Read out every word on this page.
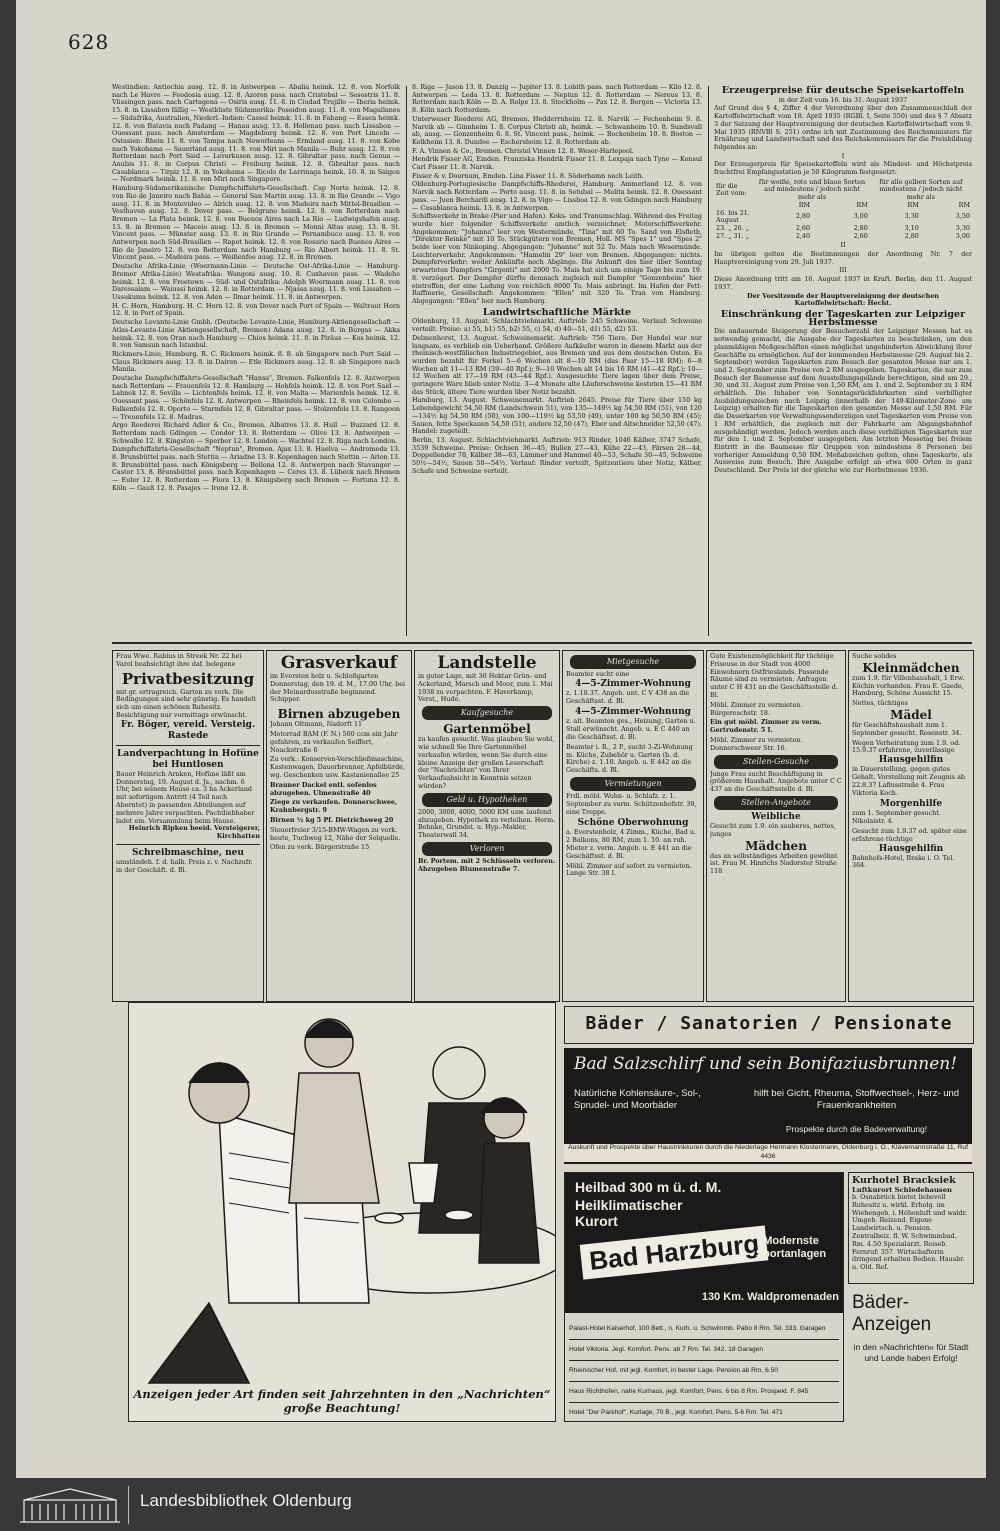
628

Westindien: Antiochia ausg. 12. 8. in Antwerpen — Abalia heimk. 12. 8. von Norfolk nach Le Havre — Feodosia ausg. 12. 8. Azoren pass. nach Cristobal — Sesostris 11. 8. Vlissingen pass. nach Cartagena — Osiris ausg. 11. 8. in Ciudad Trujillo — Iberia heimk. 15. 8. in Lissabon fällig — Westküste Südamerika: Poseidon ausg. 11. 8. von Magallanes — Südafrika, Australien, Niederl.-Indien: Cassel heimk. 11. 8. in Fabang — Essen heimk. 12. 8. von Batavia nach Padang — Hanau ausg. 13. 8. Hollenau pass. nach Lissabon — Ouessant pass. nach Amsterdam — Magdeburg heimk. 12. 8. von Port Lincoln — Ostasien: Rhein 11. 8. von Tampa nach Neworleans — Ermland ausg. 11. 8. von Kobe nach Yokohama — Sauerland ausg. 11. 8. von Miri nach Manila — Ruhr ausg. 12. 8. von Rotterdam nach Port Said — Leverkusen ausg. 12. 8. Gibraltar pass. nach Genua — Anubis 11. 8. in Corpus Christi — Freiburg heimk. 12. 8. Gibraltar pass. nach Casablanca — Tirpiz 12. 8. in Yokohama — Ricolo de Larrinaga heimk. 10. 8. in Saigon — Nordmark heimk. 11. 8. von Miri nach Singapore.

Hamburg-Südamerikanische Dampfschiffahrts-Gesellschaft. Cap Norte heimk. 12. 8. von Rio de Janeiro nach Bahia — General San Martin ausg. 13. 8. in Rio Grande — Vigo ausg. 11. 8. in Montevideo — Alrich ausg. 12. 8. von Madeira nach Mittel-Brasilien — Vesthaven ausg. 12. 8. Dover pass. — Belgrano heimk. 12. 8. von Rotterdam nach Bremen — La Plata heimk. 12. 8. von Buenos Aires nach La Rio — Ludwigshafen ausg. 13. 8. in Bremen — Maceio ausg. 13. 8. in Bremen — Monni Altas ausg. 13. 8. St. Vincent pass. — Münster ausg. 13. 8. in Rio Grande — Pernambuco ausg. 13. 8. von Antwerpen nach Süd-Brasilien — Rapot heimk. 12. 8. von Rosario nach Buenos Aires — Rio de Janeiro 12. 8. von Rotterdam nach Hamburg — Rio Albert heimk. 11. 8. St. Vincent pass. — Madeira pass. — Weißenfee ausg. 12. 8. in Bremen.

Deutsche Afrika-Linie (Woermann-Linie — Deutsche Ost-Afrika-Linie — Hamburg-Bremer Afrika-Linie) Westafrika: Wangoni ausg. 10. 8. Cuxhaven pass. — Wadehe heimk. 12. 8. von Freetown — Süd- und Ostafrika: Adolph Woermann ausg. 11. 8. von Daressalam — Waiussi heimk. 12. 8. in Rotterdam — Njassa ausg. 11. 8. von Lissabon — Ussukuma heimk. 12. 8. von Aden — Ilmar heimk. 11. 8. in Antwerpen.

H. C. Horn, Hamburg. H. C. Horn 12. 8. von Dover nach Port of Spain — Waltraut Horn 12. 8. in Port of Spain.

Deutsche Levante-Linie Gmbh. (Deutsche Levante-Linie, Hamburg-Aktiengesellschaft — Atlas-Levante-Linie Aktiengesellschaft, Bremen) Adana ausg. 12. 8. in Burgas — Akka heimk. 12. 8. von Oran nach Hamburg — Chios heimk. 11. 8. in Piräus — Kos heimk. 12. 8. von Samsun nach Istanbul.

Rickmers-Linie, Hamburg. R. C. Rickmers heimk. 8. 8. ab Singapore nach Port Said — Claus Rickmers ausg. 13. 8. in Dairen — Etle Rickmers ausg. 12. 8. ab Singapore nach Manila.

Deutsche Dampfschiffahrts-Gesellschaft "Hansa", Bremen. Falkenfels 12. 8. Antwerpen nach Rotterdam — Frauenfels 12. 8. Hamburg — Hohfels heimk. 12. 8. von Port Said — Lahnek 12. 8. Sevilla — Lichtenfels heimk. 12. 8. von Malta — Marienfels heimk. 12. 8. Ouessant pass. — Schönfels 12. 8. Antwerpen — Rheinfels heimk. 12. 8. von Colombo — Falkenfels 12. 8. Oporto — Sturmfels 12. 8. Gibraltar pass. — Stolzenfels 13. 8. Rangoon — Treuenfels 12. 8. Madras.

Argo Reederei Richard Adler & Co., Bremen. Albatros 13. 8. Hull — Buzzard 12. 8. Rotterdam nach Gdingen — Condor 13. 8. Rotterdam — Olive 13. 8. Antwerpen — Schwalbe 12. 8. Kingston — Sperber 12. 8. London — Wachtel 12. 8. Riga nach London.

Dampfschiffahrts-Gesellschaft "Neptun", Bremen. Ajax 13. 8. Huelva — Andromeda 13. 8. Brunsbüttel pass. nach Stettin — Ariadne 13. 8. Kopenhagen nach Stettin — Arion 13. 8. Brunsbüttel pass. nach Königsberg — Bellona 12. 8. Antwerpen nach Stavanger — Castor 13. 8. Brunsbüttel pass. nach Kopenhagen — Ceres 13. 8. Lübeck nach Bremen — Euler 12. 8. Rotterdam — Flora 13. 8. Königsberg nach Bremen — Fortuna 12. 8. Köln — Gauß 12. 8. Pasajes — Irene 12. 8.

8. Riga — Jason 13. 8. Danzig — Jupiter 13. 8. Lobith pass. nach Rotterdam — Kilo 12. 8. Antwerpen — Leda 13. 8. Rotterdam — Neptun 12. 8. Rotterdam — Nereus 13. 8. Rotterdam nach Köln — D. A. Rolpe 13. 8. Stockholm — Pax 12. 8. Bergen — Victoria 13. 8. Köln nach Rotterdam.

Unterweser Reederei AG, Bremen. Hedderrnheim 12. 8. Narvik — Fechenheim 9. 8. Narvik ab — Ginnheim 1. 8. Corpus Christi ab, heimk. — Schwanheim 10. 8. Sundsvall ab, ausg. — Gonzenheim 6. 8. St. Vincent pass., heimk. — Bockenheim 10. 8. Boston — Kelkheim 13. 8. Dundee — Eschersheim 12. 8. Rotterdam ab.

F. A. Vinnen & Co., Bremen. Christel Vinnen 12. 8. Weser-Harlepool.

Hendrik Fisser AG, Emden. Franziska Hendrik Fisser 11. 8. Lexpaja nach Tyne — Konsul Carl Fisser 11. 8. Narvik.

Fisser & v. Doornum, Emden. Lina Fisser 11. 8. Söderhamn nach Leith.

Oldenburg-Portugiesische Dampfschiffs-Rhederei, Hamburg. Ammerland 12. 8. von Narvik nach Rotterdam — Porto ausg. 11. 8. in Setubal — Melita heimk. 12. 8. Ouessant pass. — Juen Berchardi ausg. 12. 8. in Vigo — Lissboa 12. 8. von Gdingen nach Hamburg — Casablanca heimk. 13. 8. in Antwerpen.

Schiffsverkehr in Brake (Pier und Hafen). Koks- und Tranumschlag. Während des Freitag wurde hier folgender Schiffsverkehr amtlich verzeichnet: Motorschiffsverkehr. Angekommen: "Johanna" leer von Westermünde, "Tina" mit 60 To. Sand von Elsfleth, "Direktor Reinke" mit 10 To. Stückgütern von Bremen, Holl. MS "Spes 1" und "Spes 2" beide leer von Ninkoping. Abgegangen: "Johanne" mit 52 To. Mais nach Wesermünde. Leichterverkehr. Angekommen: "Hamelin 29" leer von Bremen. Abgegangen: nichts. Dampferverkehr: weder Ankünfte noch Abgänge. Die Ankunft des hier über Sonntag erwarteten Dampfers "Girgenti" mit 2000 To. Mais hat sich um einige Tage bis zum 19. 8. verzögert. Der Dampfer dürfte demnach zugleich mit Dampfer "Gonzenheim" hier eintreffen, der eine Ladung von reichlich 8000 To. Mais anbringt. Im Hafen der Fett-Raffinerie, Gesellschaft: Angekommen: "Ellen" mit 320 To. Tran von Hamburg. Abgegangen: "Ellen" leer nach Hamburg.

Landwirtschaftliche Märkte

Oldenburg, 13. August. Schlachtviehmarkt. Auftrieb: 245 Schweine. Verlauf: Schweine verteilt. Preise: a) 55, b1) 55, b2) 55, c) 54, d) 40—51, d1) 55, d2) 53.

Delmenhorst, 13. August. Schweinemarkt. Auftrieb: 756 Tiere. Der Handel war nur langsam, es verblieb ein Ueberhand. Größere Aufkäufer waren in diesem Markt aus der rheinisch-westfälischen Industriegebiet, aus Bremen und aus dem deutschen Osten. Es wurden bezahlt für Ferkel 5—6 Wochen alt 8—10 RM (das Paar 15—18 RM); 6—8 Wochen alt 11—13 RM (39—40 Rpf.); 9—10 Wochen alt 14 bis 16 RM (41—42 Rpf.); 10—12 Wochen alt 17—19 RM (43—44 Rpf.). Ausgesuchte Tiere lagen über dem Preise, geringere Ware blieb unter Notiz. 3—4 Monate alte Läuferschweine kosteten 15—41 RM das Stück, ältere Tiere wurden über Notiz bezahlt.

Hamburg, 13. August. Schweinemarkt. Auftrieb 2645. Preise für Tiere über 150 kg Lebendgewicht 54,50 RM (Landschwein 51), von 135—149½ kg 54,50 RM (51), von 120—134½ kg 54,50 RM (50), von 100—119½ kg 53,50 (49), unter 100 kg 50,50 RM (45); Sauen, fette Speckauen 54,50 (51), andere 52,50 (47), Eber und Altschneider 52,50 (47). Handel: zugeteilt.

Berlin, 13. August. Schlachtviehmarkt. Auftrieb: 913 Rinder, 1046 Kälber, 3747 Schafe, 3539 Schweine. Preise: Ochsen 36—45, Bullen 27—43, Kühe 22—43, Färsen 28—44, Doppellender 78, Kälber 38—63, Lämmer und Hammel 40—53, Schafe 30—45, Schweine 50½—54½, Sauen 50—54½. Verlauf: Rinder verteilt, Spitzentiere über Notiz, Kälber, Schafe und Schweine verteilt.

Erzeugerpreise für deutsche Speisekartoffeln

in der Zeit vom 16. bis 31. August 1937

Auf Grund des § 4, Ziffer 4 der Verordnung über den Zusammenschluß der Kartoffelwirtschaft vom 18. April 1935 (RGBl. I, Seite 550) und des § 7 Absatz 3 der Satzung der Hauptvereinigung der deutschen Kartoffelwirtschaft vom 9. Mai 1935 (RNVBl S. 251) ordne ich mit Zustimmung des Reichsministers für Ernährung und Landwirtschaft und des Reichskommissars für die Preisbildung folgendes an:

I

Der Erzeugerpreis für Speisekartoffeln wird als Mindest- und Höchstpreis frachtfrei Empfangsstation je 50 Kilogramm festgesetzt:

für die Zeit vom:	für weiße, rote und blaue Sorten auf mindestens / jedoch nicht mehr als		für alle gelben Sorten auf mindestens / jedoch nicht mehr als	
	RM	RM	RM	RM
16. bis 21. August	2,80	3,00	3,30	3,50
23. „ 26. „	2,60	2,80	3,10	3,30
27. „ 31. „	2,40	2,60	2,80	3,00

II

Im übrigen gelten die Bestimmungen der Anordnung Nr. 7 der Hauptvereinigung vom 29. Juli 1937.

III

Diese Anordnung tritt am 16. August 1937 in Kraft. Berlin, den 11. August 1937.

Der Vorsitzende der Hauptvereinigung der deutschen Kartoffelwirtschaft: Hecht.

Einschränkung der Tageskarten zur Leipziger Herbstmesse

Die andauernde Steigerung der Besucherzahl der Leipziger Messen hat es notwendig gemacht, die Ausgabe der Tageskarten zu beschränken, um den planmäßigen Meßgeschäften einen möglichst ungehinderten Abwicklung ihrer Geschäfte zu ermöglichen. Auf der kommenden Herbstmesse (29. August bis 2. September) werden Tageskarten zum Besuch der gesamten Messe nur am 1. und 2. September zum Preise von 2 RM ausgegeben. Tageskarten, die nur zum Besuch der Baumesse auf dem Ausstellungsgelände berechtigen, sind am 29., 30. und 31. August zum Preise von 1,50 RM, am 1. und 2. September zu 1 RM erhältlich. Die Inhaber von Sonntagsrückfahrkarten sind verbilligter Ausbildungszeichen nach Leipzig (innerhalb der 149-Kilometer-Zone um Leipzig) erhalten für die Tageskarten den gesamten Messe auf 1,50 RM. Für die Dauerkarten vor Verwaltungssonderzügen und Tageskarten vom Preise von 1 RM erhältlich, die zugleich mit der Fahrkarte am Abgangsbahnhof ausgehändigt werden. Jedoch werden auch diese verbilligten Tageskarten nur für den 1. und 2. September ausgegeben. Am letzten Messetag bei freiem Eintritt in die Baumesse für Gruppen von mindestens 8 Personen bei vorheriger Anmeldung 0,50 RM. Meßabzeichen gelten, ohne Tageskarte, als Ausweise zum Besuch. Ihre Ausgabe erfolgt an etwa 600 Orten in ganz Deutschland. Der Preis ist der gleiche wie zur Herbstmesse 1936.

Frau Wwe. Rabius in Streek Nr. 22 bei Varel beabsichtigt ihre daf. belegene
Privatbesitzung
mit gr. ertragreich. Garten zu verk. Die Bedingungen sind sehr günstig. Es handelt sich um einen schönen Ruhesitz. Besichtigung nur vormittags erwünscht.
Fr. Böger, vereid. Versteig. Rastede
Landverpachtung in Hofüne bei Huntlosen
Bauer Heinrich Arnken, Hofüne läßt am Donnerstag, 19. August d. Js., nachm. 6 Uhr, bei seinem Hause ca. 3 ha Ackerland mit sofortigem Antritt (4 Teil nach Aberntet) in passenden Abteilungen auf mehrere Jahre verpachten. Pachtliebhaber ladet ein. Versammlung beim Hause.
Heinrich Ripken beeid. Versteigerer, Kirchhatten
Schreibmaschine, neu
umständeh. f. d. halb. Preis z. v. Nachzufr. in der Geschäft. d. Bl.
Grasverkauf
im Eversten holz u. Schloßgarten Donnerstag, den 19. d. M., 17.00 Uhr, bei der Meinardusstraße beginnend. Schipper.
Birnen abzugeben
Johann Oltmann, Nadorft 11
Motorrad BAM (F. N.) 500 ccm ein Jahr gefahren, zu verkaufen Seiffert, Noackstraße 6
Zu verk.: Konserven-Verschließmaschine, Kastenwagen, Dauerbrenner, Apfelbürde, wg. Geschenken usw. Kastanienallee 25
Brauner Dackel entl. sofenlos abzugeben. Ulmenstraße 40
Ziege zu verkaufen. Donnerschwee, Krahnbergstr. 9
Birnen ½ kg 5 Pf. Dietrichsweg 20
Steuerfreier 3/15-BMW-Wagen zu verk. heute, Tuchweg 12, Nähe der Solquelle.
Ofen zu verk. Bürgerstraße 15
Landstelle
in guter Lage, mit 30 Hektar Grün- und Ackerland, Marsch und Moor, zum 1. Mai 1938 zu verpachten. F. Haverkamp, Verst., Hude.
Kaufgesuche
Gartenmöbel
zu kaufen gesucht. Was glauben Sie wohl, wie schnell Sie Ihre Gartenmöbel verkaufen würden, wenn Sie durch eine kleine Anzeige der großen Leserschaft der "Nachrichten" von Ihrer Verkaufsabsicht in Kenntnis setzen würden?
Geld u. Hypotheken
2000, 3000, 4000, 5000 RM usw. laufend abzugeben. Hypothek zu verleihen. Herm. Behnke, Grundst. u. Hyp.-Makler, Theaterwall 34.
Verloren
Br. Portem. mit 2 Schlüsseln verloren. Abzugeben Blumenstraße 7.
Mietgesuche
Beamter sucht eine
4—5-Zimmer-Wohnung
z. 1.10.37. Angeb. unt. C V 438 an die Geschäftsst. d. Bl.
4—5-Zimmer-Wohnung
z. alt. Beamten ges., Heizung, Garten u. Stall erwünscht. Angeb. u. E C 440 an die Geschäftsst. d. Bl.
Beamter i. R., 2 P., sucht 3-Zi-Wohnung m. Küche, Zubehör u. Garten (b. d. Kirche) z. 1.10. Angeb. u. E 442 an die Geschäfts. d. Bl.
Vermietungen
Frdl. möbl. Wohn- u. Schlafz. z. 1. September zu verm. Schützenhofstr. 39, eine Treppe.
Schöne Oberwohnung
a. Everstenholz, 4 Zimm., Küche, Bad u. 2 Balkons, 80 RM, zum 1. 10. an ruh. Mieter z. verm. Angeb. u. E 441 an die Geschäftsst. d. Bl.
Möbl. Zimmer auf sofort zu vermieten. Lange Str. 38 I.
Gute Existenzmöglichkeit für tüchtige Friseuse in der Stadt von 4000 Einwohnern Ostfrieslands. Passende Räume sind zu vermieten. Anfragen unter C H 431 an die Geschäftsstelle d. Bl.
Möbl. Zimmer zu vermieten. Bürgereschstr. 18.
Ein gut möbl. Zimmer zu verm. Gertrudenstr. 5 I.
Möbl. Zimmer zu vermieten. Donnerschweer Str. 16.
Stellen-Gesuche
Junge Frau sucht Beschäftigung in größerem Haushalt. Angebote unter C C 437 an die Geschäftsstelle d. Bl.
Stellen-Angebote
Weibliche
Gesucht zum 1.9. ein sauberes, nettes, junges
Mädchen
das an selbständiges Arbeiten gewöhnt ist. Frau M. Hinrichs Nadorster Straße 118
Suche solides
Kleinmädchen
zum 1.9. für Villenhaushalt, 1 Erw. Köchin vorhanden. Frau E. Gaede, Hamburg, Schöne Aussicht 15.
Nettes, tüchtiges
Mädel
für Geschäftshaushalt zum 1. September gesucht. Rosenstr. 34.
Wegen Verheiratung zum 1.9. od. 15.9.37 erfahrene, zuverlässige
Hausgehilfin
in Dauerstellung, gegen gutes Gehalt. Vorstellung mit Zeugnis ab 22.8.37 Lafiusstraße 4. Frau Viktoria Koch.
Morgenhilfe
zum 1. September gesucht. Nikolaistr. 4.
Gesucht zum 1.9.37 od. später eine erfahrene tüchtige
Hausgehilfin
Bahnhofs-Hotel, Brake i. O. Tel. 364.
Anzeigen jeder Art finden seit Jahrzehnten in den „Nachrichten“ große Beachtung!
Bäder / Sanatorien / Pensionate
Bad Salzschlirf und sein Bonifaziusbrunnen!
Natürliche Kohlensäure-, Sol-, Sprudel- und Moorbäder
hilft bei Gicht, Rheuma, Stoffwechsel-, Herz- und Frauenkrankheiten
Prospekte durch die Badeverwaltung!
Auskunft und Prospekte über Haustrinkkuren durch die Niederlage Hermann Klostermann, Oldenburg i. O., Klävemannstraße 11, Ruf 4436
Heilbad 300 m ü. d. M.
Heilklimatischer Kurort
Bad Harzburg Modernste Sportanlagen
130 Km. Waldpromenaden
Palast-Hotel Kaiserhof, 100 Bett., n. Kurh. u. Schwimmb. Pabo 8 Rm. Tel. 333. Garagen
Hotel Viktoria. Jegl. Komfort. Pens. ab 7 Rm. Tel. 342. 18 Garagen
Rheinischer Hof, mit jegl. Komfort, in bester Lage. Pension ab Rm. 6.50
Haus Richthofen, nahe Kurhaus, jegl. Komfort, Pens. 6 bis 8 Rm. Prospekt. F. 845
Hotel "Der Parkhof", Kurlage, 70 B., jegl. Komfort, Pens. 5-6 Rm. Tel. 471
Kurhotel Bracksiek
Luftkurort Schledehausen
b. Osnabrück bietet liebevoll Ruhesitz u. wirkl. Erholg. im Wiehengeb. i. Höhenluft und waldr. Umgeb. Reizend. Eigene Landwirtsch. u. Pension. Zentralheiz. fl. W. Schwimmbad. Rm. 4.50 Spezialarzt. Reiseb. Fernruf: 357. Wirtschafterin dringend erhalten Bedien. Hausbr. u. Old. Ref.
Bäder-Anzeigen
in den »Nachrichten« für Stadt und Lande haben Erfolg!
Landesbibliothek Oldenburg
